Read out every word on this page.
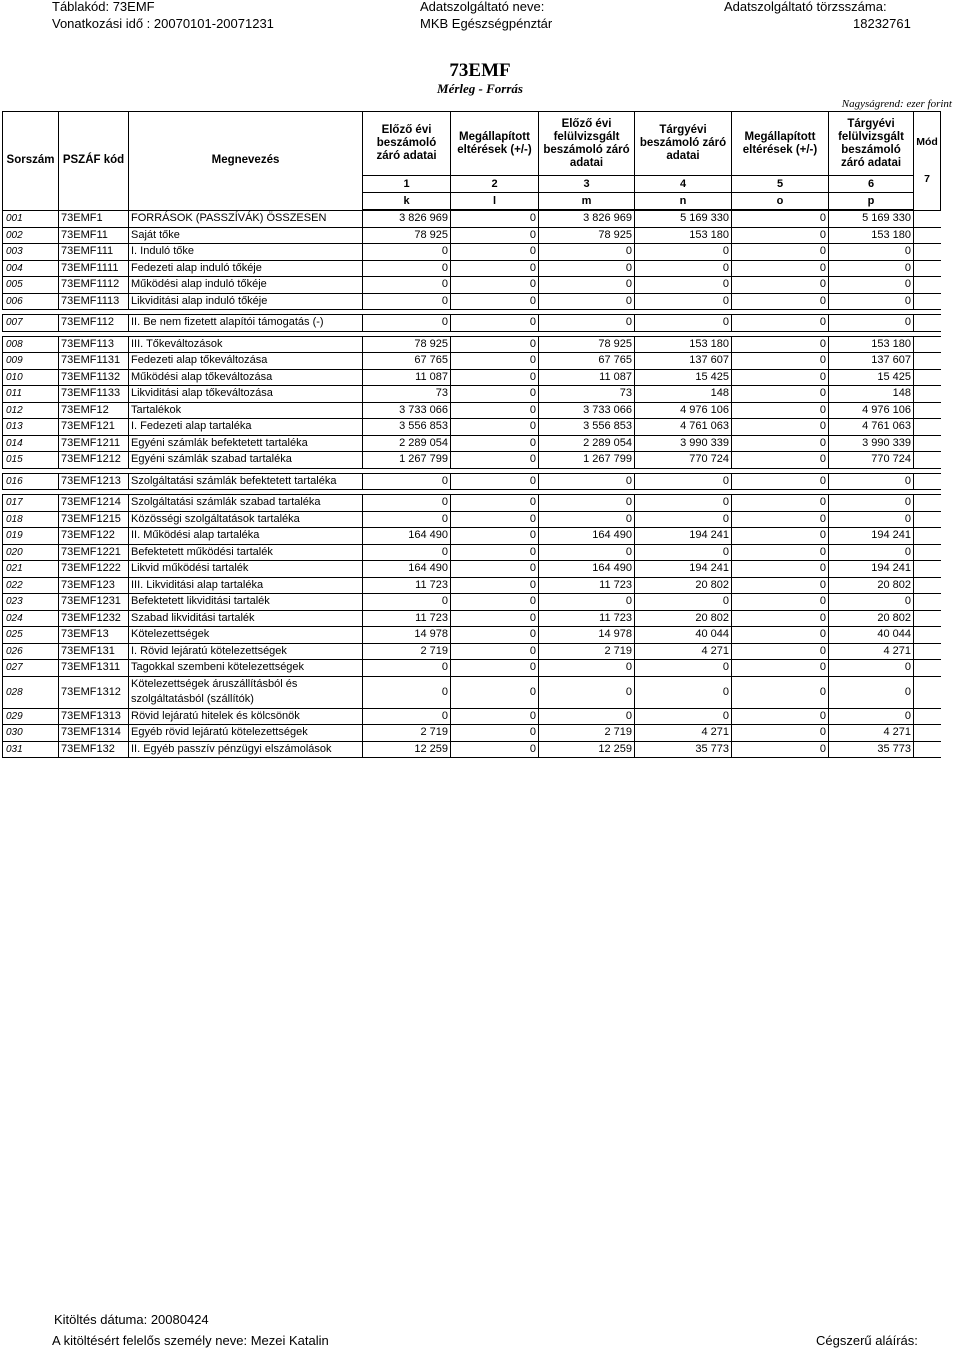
Táblakód: 73EMF	Adatszolgáltató neve:	Adatszolgáltató törzsszáma:
Vonatkozási idő : 20070101-20071231	MKB Egészségpénztár	18232761
73EMF
Mérleg - Forrás
Nagyságrend: ezer forint
Sorszám	PSZÁF kód	Megnevezés	Előző évi beszámoló záró adatai	Megállapított eltérések (+/-)	Előző évi felülvizsgált beszámoló záró adatai	Tárgyévi beszámoló záró adatai	Megállapított eltérések (+/-)	Tárgyévi felülvizsgált beszámoló záró adatai	Mód
7

			1	2	3	4	5	6	
			k	l	m	n	o	p	
001	73EMF1	FORRÁSOK (PASSZÍVÁK) ÖSSZESEN	3 826 969	0	3 826 969	5 169 330	0	5 169 330	
002	73EMF11	Saját tőke	78 925	0	78 925	153 180	0	153 180	
003	73EMF111	I. Induló tőke	0	0	0	0	0	0	
004	73EMF1111	Fedezeti alap induló tőkéje	0	0	0	0	0	0	
005	73EMF1112	Működési alap induló tőkéje	0	0	0	0	0	0	
006	73EMF1113	Likviditási alap induló tőkéje	0	0	0	0	0	0	

007	73EMF112	II. Be nem fizetett alapítói támogatás (-)	0	0	0	0	0	0	

008	73EMF113	III. Tőkeváltozások	78 925	0	78 925	153 180	0	153 180	
009	73EMF1131	Fedezeti alap tőkeváltozása	67 765	0	67 765	137 607	0	137 607	
010	73EMF1132	Működési alap tőkeváltozása	11 087	0	11 087	15 425	0	15 425	
011	73EMF1133	Likviditási alap tőkeváltozása	73	0	73	148	0	148	
012	73EMF12	Tartalékok	3 733 066	0	3 733 066	4 976 106	0	4 976 106	
013	73EMF121	I. Fedezeti alap tartaléka	3 556 853	0	3 556 853	4 761 063	0	4 761 063	
014	73EMF1211	Egyéni számlák befektetett tartaléka	2 289 054	0	2 289 054	3 990 339	0	3 990 339	
015	73EMF1212	Egyéni számlák szabad tartaléka	1 267 799	0	1 267 799	770 724	0	770 724	

016	73EMF1213	Szolgáltatási számlák befektetett tartaléka	0	0	0	0	0	0	

017	73EMF1214	Szolgáltatási számlák szabad tartaléka	0	0	0	0	0	0	
018	73EMF1215	Közösségi szolgáltatások tartaléka	0	0	0	0	0	0	
019	73EMF122	II. Működési alap tartaléka	164 490	0	164 490	194 241	0	194 241	
020	73EMF1221	Befektetett működési tartalék	0	0	0	0	0	0	
021	73EMF1222	Likvid működési tartalék	164 490	0	164 490	194 241	0	194 241	
022	73EMF123	III. Likviditási alap tartaléka	11 723	0	11 723	20 802	0	20 802	
023	73EMF1231	Befektetett likviditási tartalék	0	0	0	0	0	0	
024	73EMF1232	Szabad likviditási tartalék	11 723	0	11 723	20 802	0	20 802	
025	73EMF13	Kötelezettségek	14 978	0	14 978	40 044	0	40 044	
026	73EMF131	I. Rövid lejáratú kötelezettségek	2 719	0	2 719	4 271	0	4 271	
027	73EMF1311	Tagokkal szembeni kötelezettségek	0	0	0	0	0	0	
028	73EMF1312	Kötelezettségek áruszállításból és szolgáltatásból (szállítók)	0	0	0	0	0	0	
029	73EMF1313	Rövid lejáratú hitelek és kölcsönök	0	0	0	0	0	0	
030	73EMF1314	Egyéb rövid lejáratú kötelezettségek	2 719	0	2 719	4 271	0	4 271	
031	73EMF132	II. Egyéb passzív pénzügyi elszámolások	12 259	0	12 259	35 773	0	35 773	
Kitöltés dátuma: 20080424
A kitöltésért felelős személy neve: Mezei Katalin	Cégszerű aláírás:
